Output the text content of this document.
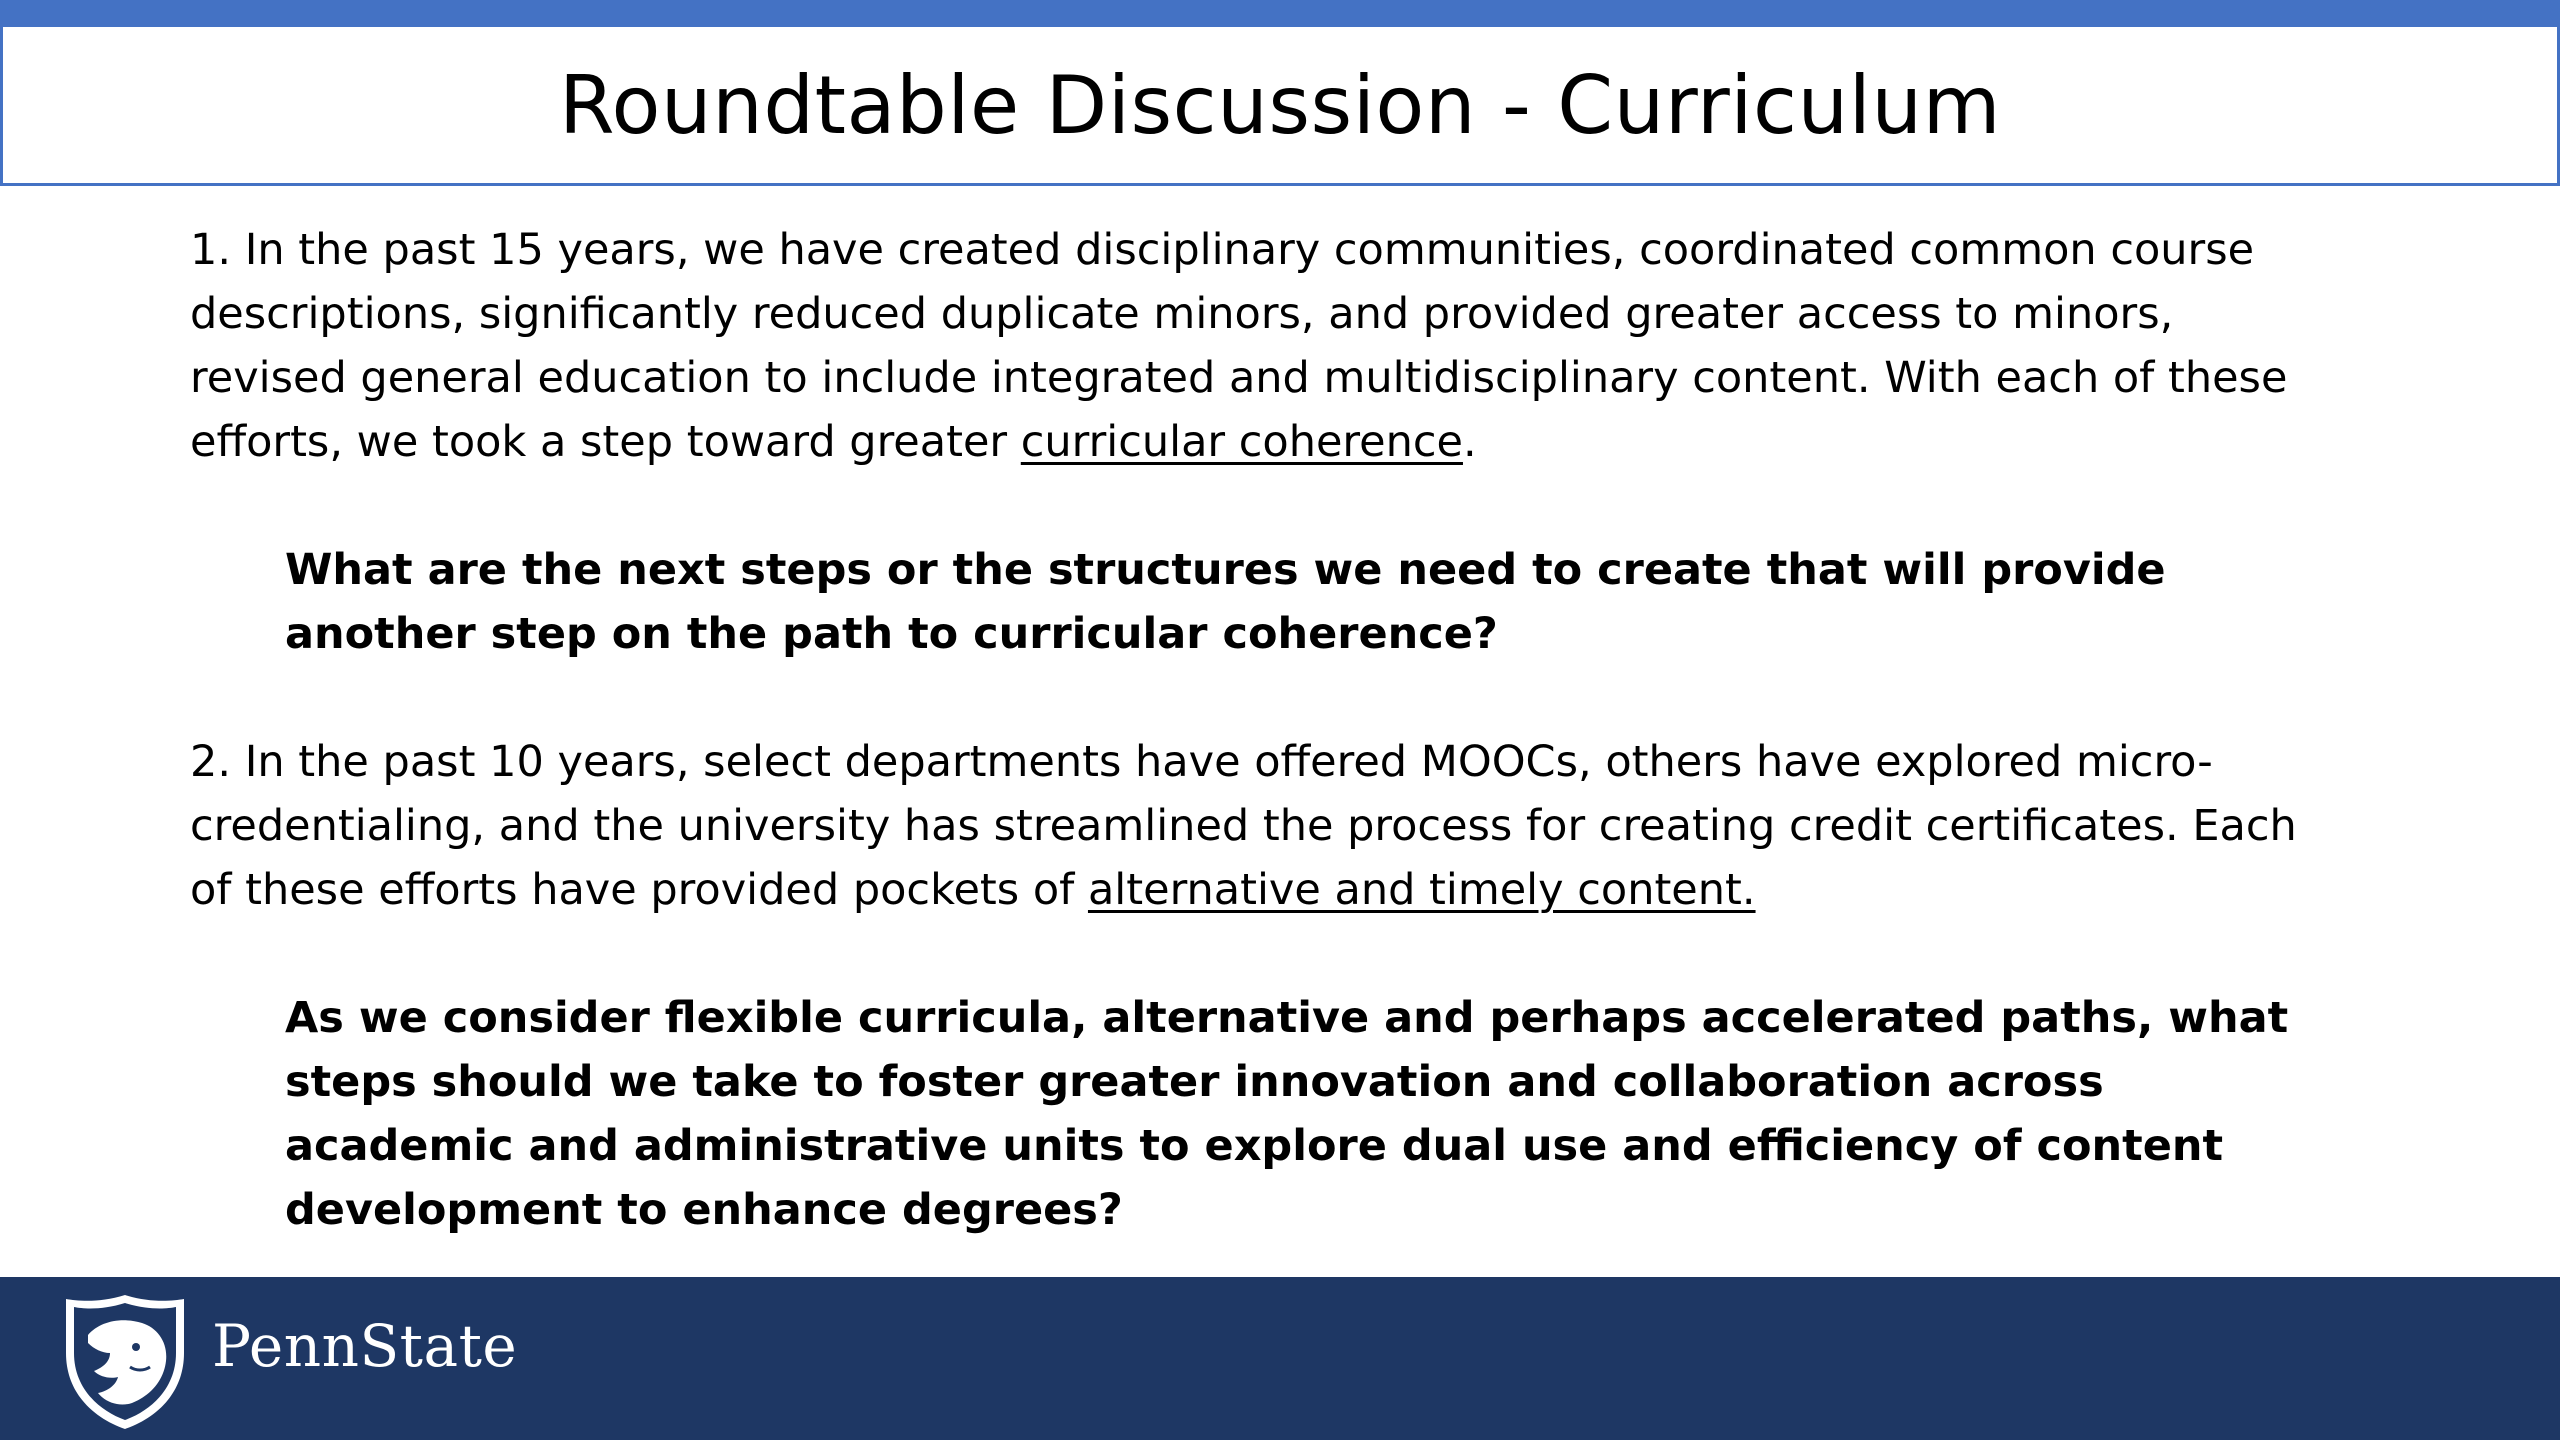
Roundtable Discussion - Curriculum

1. In the past 15 years, we have created disciplinary communities, coordinated common course descriptions, significantly reduced duplicate minors, and provided greater access to minors, revised general education to include integrated and multidisciplinary content. With each of these efforts, we took a step toward greater curricular coherence.

What are the next steps or the structures we need to create that will provide another step on the path to curricular coherence?

2. In the past 10 years, select departments have offered MOOCs, others have explored micro-credentialing, and the university has streamlined the process for creating credit certificates. Each of these efforts have provided pockets of alternative and timely content.

As we consider flexible curricula, alternative and perhaps accelerated paths, what steps should we take to foster greater innovation and collaboration across academic and administrative units to explore dual use and efficiency of content development to enhance degrees?

PennState
